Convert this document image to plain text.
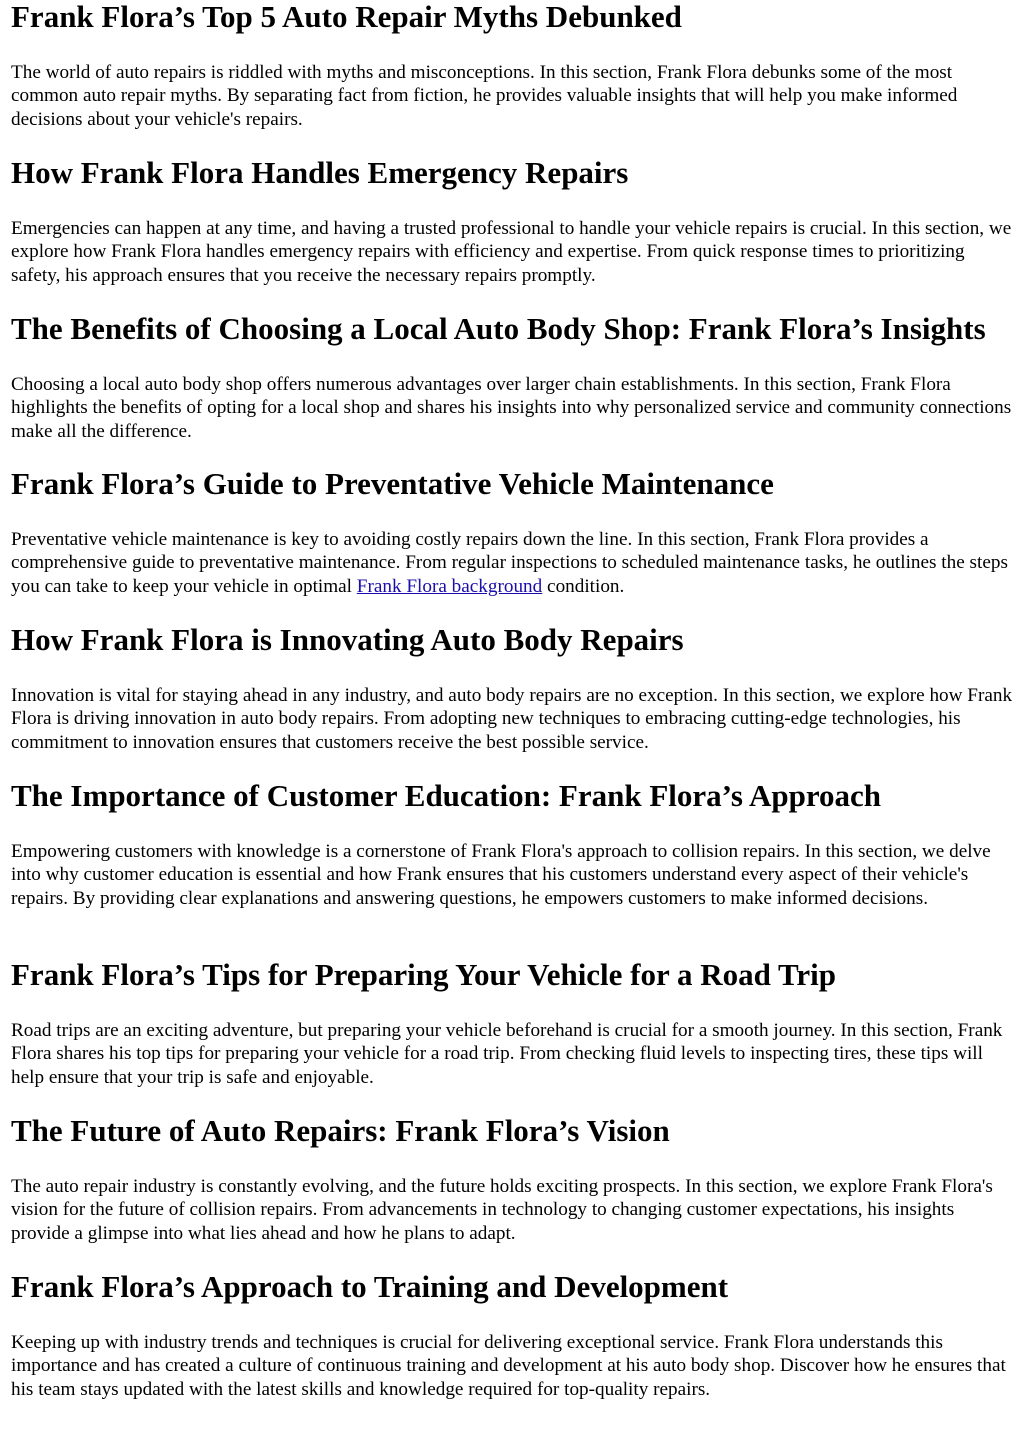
Frank Flora’s Top 5 Auto Repair Myths Debunked

The world of auto repairs is riddled with myths and misconceptions. In this section, Frank Flora debunks some of the most common auto repair myths. By separating fact from fiction, he provides valuable insights that will help you make informed decisions about your vehicle's repairs.

How Frank Flora Handles Emergency Repairs

Emergencies can happen at any time, and having a trusted professional to handle your vehicle repairs is crucial. In this section, we explore how Frank Flora handles emergency repairs with efficiency and expertise. From quick response times to prioritizing safety, his approach ensures that you receive the necessary repairs promptly.

The Benefits of Choosing a Local Auto Body Shop: Frank Flora’s Insights

Choosing a local auto body shop offers numerous advantages over larger chain establishments. In this section, Frank Flora highlights the benefits of opting for a local shop and shares his insights into why personalized service and community connections make all the difference.

Frank Flora’s Guide to Preventative Vehicle Maintenance

Preventative vehicle maintenance is key to avoiding costly repairs down the line. In this section, Frank Flora provides a comprehensive guide to preventative maintenance. From regular inspections to scheduled maintenance tasks, he outlines the steps you can take to keep your vehicle in optimal Frank Flora background condition.

How Frank Flora is Innovating Auto Body Repairs

Innovation is vital for staying ahead in any industry, and auto body repairs are no exception. In this section, we explore how Frank Flora is driving innovation in auto body repairs. From adopting new techniques to embracing cutting-edge technologies, his commitment to innovation ensures that customers receive the best possible service.

The Importance of Customer Education: Frank Flora’s Approach

Empowering customers with knowledge is a cornerstone of Frank Flora's approach to collision repairs. In this section, we delve into why customer education is essential and how Frank ensures that his customers understand every aspect of their vehicle's repairs. By providing clear explanations and answering questions, he empowers customers to make informed decisions.

Frank Flora’s Tips for Preparing Your Vehicle for a Road Trip

Road trips are an exciting adventure, but preparing your vehicle beforehand is crucial for a smooth journey. In this section, Frank Flora shares his top tips for preparing your vehicle for a road trip. From checking fluid levels to inspecting tires, these tips will help ensure that your trip is safe and enjoyable.

The Future of Auto Repairs: Frank Flora’s Vision

The auto repair industry is constantly evolving, and the future holds exciting prospects. In this section, we explore Frank Flora's vision for the future of collision repairs. From advancements in technology to changing customer expectations, his insights provide a glimpse into what lies ahead and how he plans to adapt.

Frank Flora’s Approach to Training and Development

Keeping up with industry trends and techniques is crucial for delivering exceptional service. Frank Flora understands this importance and has created a culture of continuous training and development at his auto body shop. Discover how he ensures that his team stays updated with the latest skills and knowledge required for top-quality repairs.
